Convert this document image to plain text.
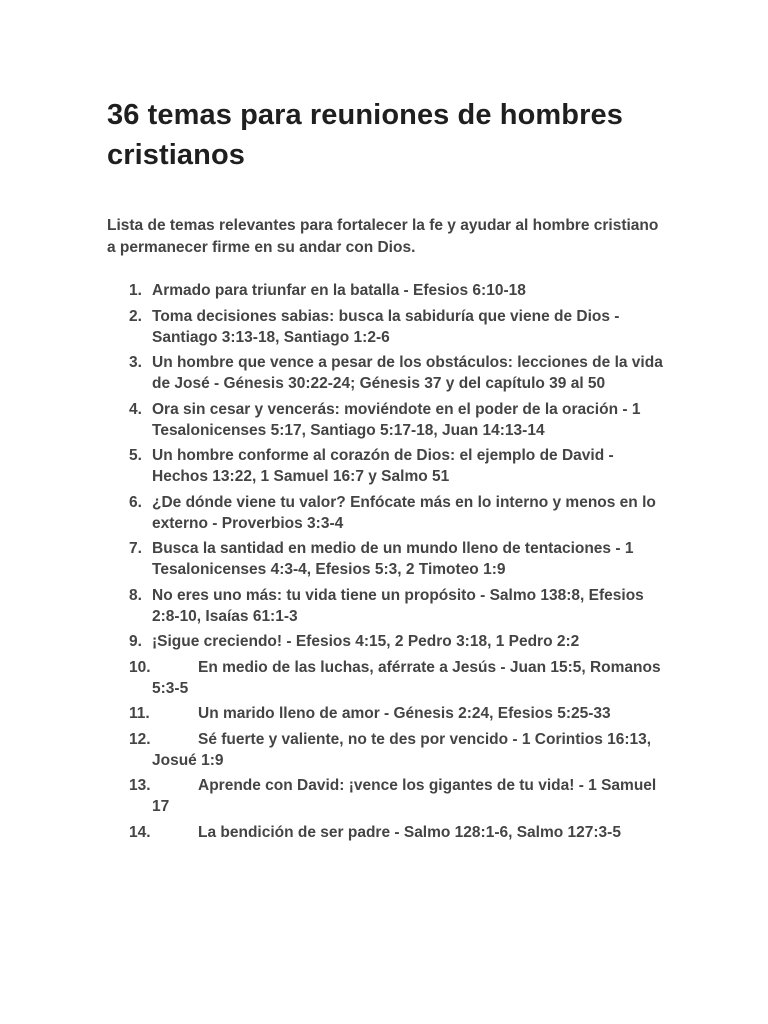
36 temas para reuniones de hombres cristianos

Lista de temas relevantes para fortalecer la fe y ayudar al hombre cristiano a permanecer firme en su andar con Dios.

1. Armado para triunfar en la batalla - Efesios 6:10-18
2. Toma decisiones sabias: busca la sabiduría que viene de Dios - Santiago 3:13-18, Santiago 1:2-6
3. Un hombre que vence a pesar de los obstáculos: lecciones de la vida de José - Génesis 30:22-24; Génesis 37 y del capítulo 39 al 50
4. Ora sin cesar y vencerás: moviéndote en el poder de la oración - 1 Tesalonicenses 5:17, Santiago 5:17-18, Juan 14:13-14
5. Un hombre conforme al corazón de Dios: el ejemplo de David - Hechos 13:22, 1 Samuel 16:7 y Salmo 51
6. ¿De dónde viene tu valor? Enfócate más en lo interno y menos en lo externo - Proverbios 3:3-4
7. Busca la santidad en medio de un mundo lleno de tentaciones - 1 Tesalonicenses 4:3-4, Efesios 5:3, 2 Timoteo 1:9
8. No eres uno más: tu vida tiene un propósito - Salmo 138:8, Efesios 2:8-10, Isaías 61:1-3
9. ¡Sigue creciendo! - Efesios 4:15, 2 Pedro 3:18, 1 Pedro 2:2
10.	En medio de las luchas, aférrate a Jesús - Juan 15:5, Romanos 5:3-5
11.	Un marido lleno de amor - Génesis 2:24, Efesios 5:25-33
12.	Sé fuerte y valiente, no te des por vencido - 1 Corintios 16:13, Josué 1:9
13.	Aprende con David: ¡vence los gigantes de tu vida! - 1 Samuel 17
14.	La bendición de ser padre - Salmo 128:1-6, Salmo 127:3-5
